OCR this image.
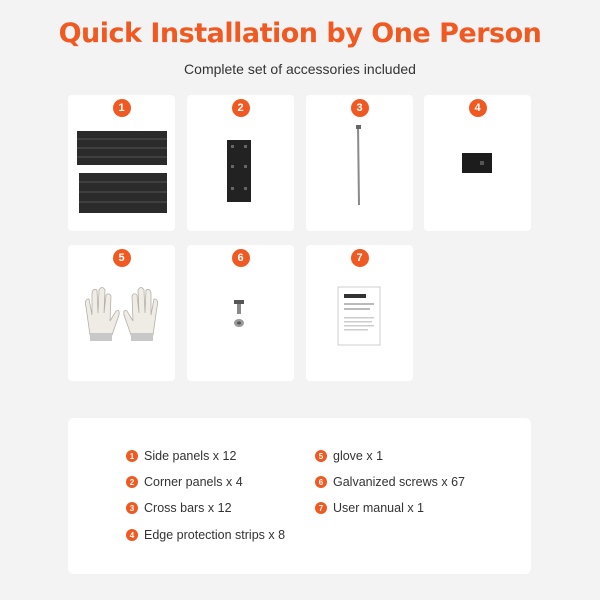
Quick Installation by One Person
Complete set of accessories included
1	2	3	4
5	6	7
1 Side panels x 12
2 Corner panels x 4
3 Cross bars x 12
4 Edge protection strips x 8
5 glove x 1
6 Galvanized screws x 67
7 User manual x 1
